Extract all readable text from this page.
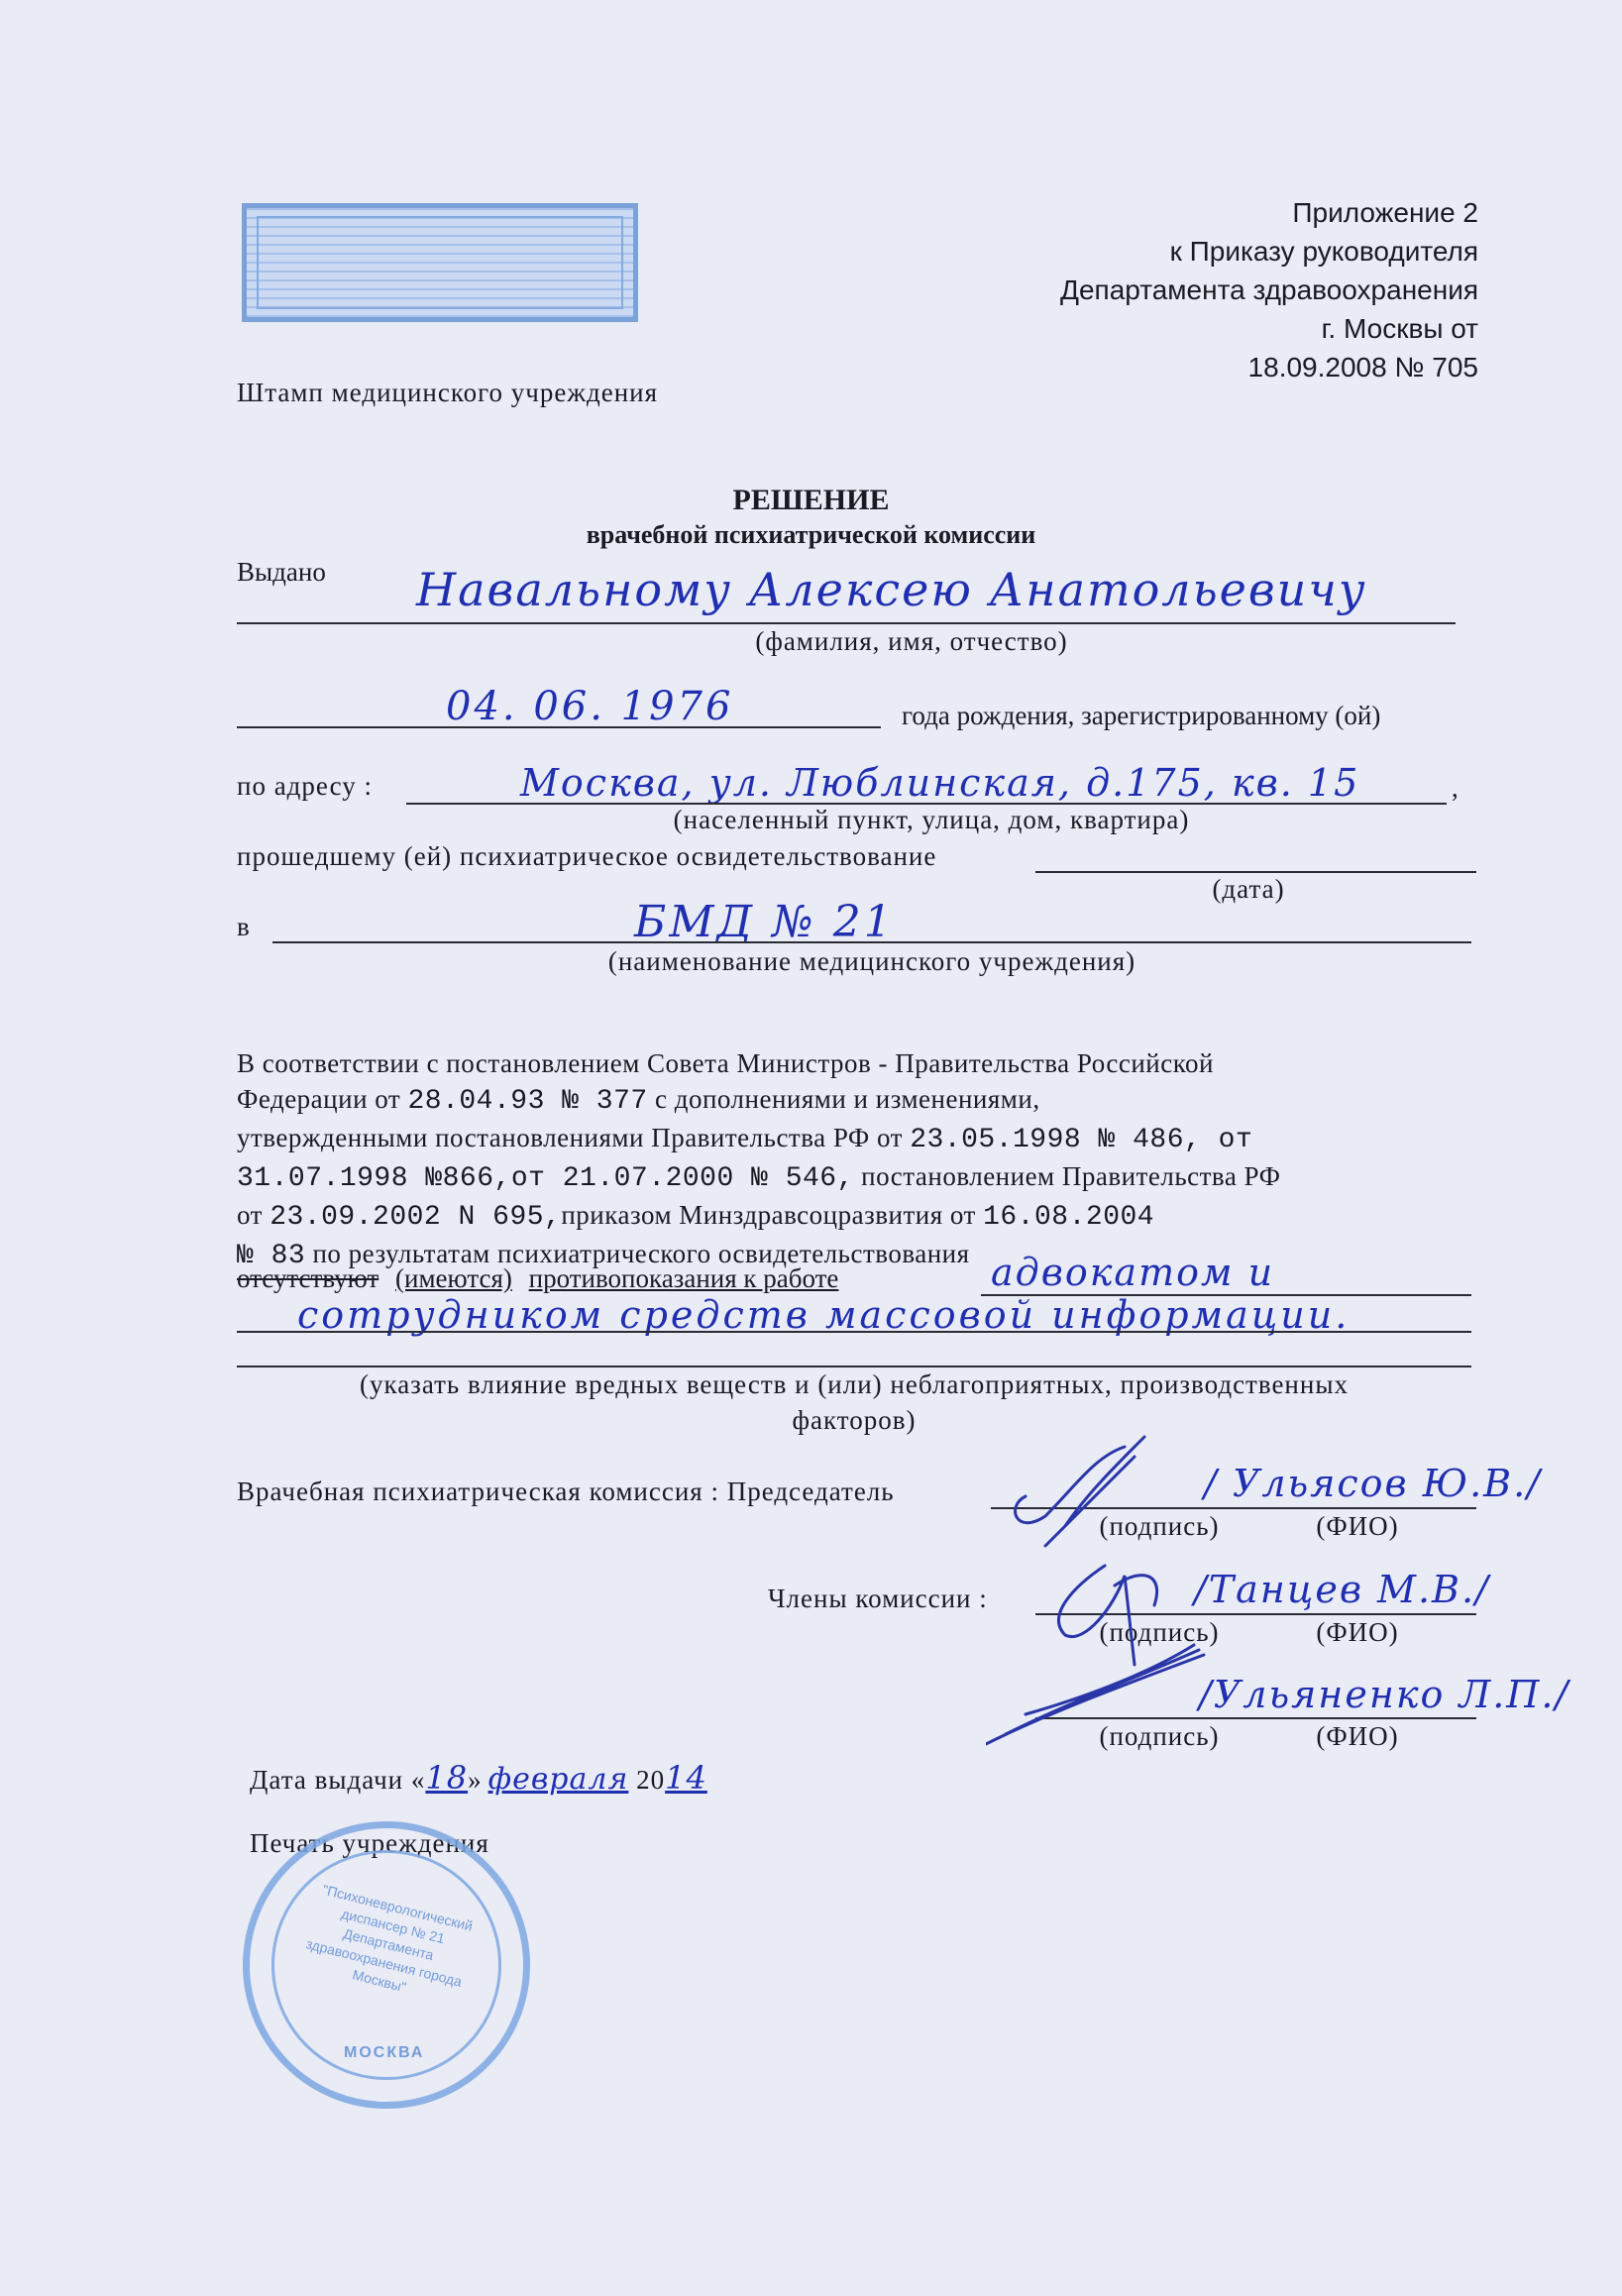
Приложение 2
к Приказу руководителя
Департамента здравоохранения
г. Москвы от
18.09.2008 № 705
Штамп медицинского учреждения
РЕШЕНИЕ
врачебной психиатрической комиссии
Выдано Навальному Алексею Анатольевичу
(фамилия, имя, отчество)
04. 06. 1976	года рождения, зарегистрированному (ой)
по адресу :	Москва, ул. Люблинская, д.175, кв. 15	,
(населенный пункт, улица, дом, квартира)
прошедшему (ей) психиатрическое освидетельствование
(дата)
в	БМД № 21
(наименование медицинского учреждения)
В соответствии с постановлением Совета Министров - Правительства Российской
Федерации от 28.04.93 № 377 с дополнениями и изменениями,
утвержденными постановлениями Правительства РФ от 23.05.1998 № 486, от
31.07.1998 №866,от 21.07.2000 № 546, постановлением Правительства РФ
от 23.09.2002 N 695,приказом Минздравсоцразвития от 16.08.2004
№ 83 по результатам психиатрического освидетельствования
отсутствуют (имеются) противопоказания к работе	адвокатом и
сотрудником средств массовой информации.
(указать влияние вредных веществ и (или) неблагоприятных, производственных
факторов)
Врачебная психиатрическая комиссия : Председатель	/ Ульясов Ю.В./
(подпись)	(ФИО)
Члены комиссии :	/Танцев М.В./
(подпись)	(ФИО)
/Ульяненко Л.П./
(подпись)	(ФИО)
Дата выдачи «18» февраля 2014
Печать учреждения
"Психоневрологический диспансер № 21 Департамента здравоохранения города Москвы"
МОСКВА
